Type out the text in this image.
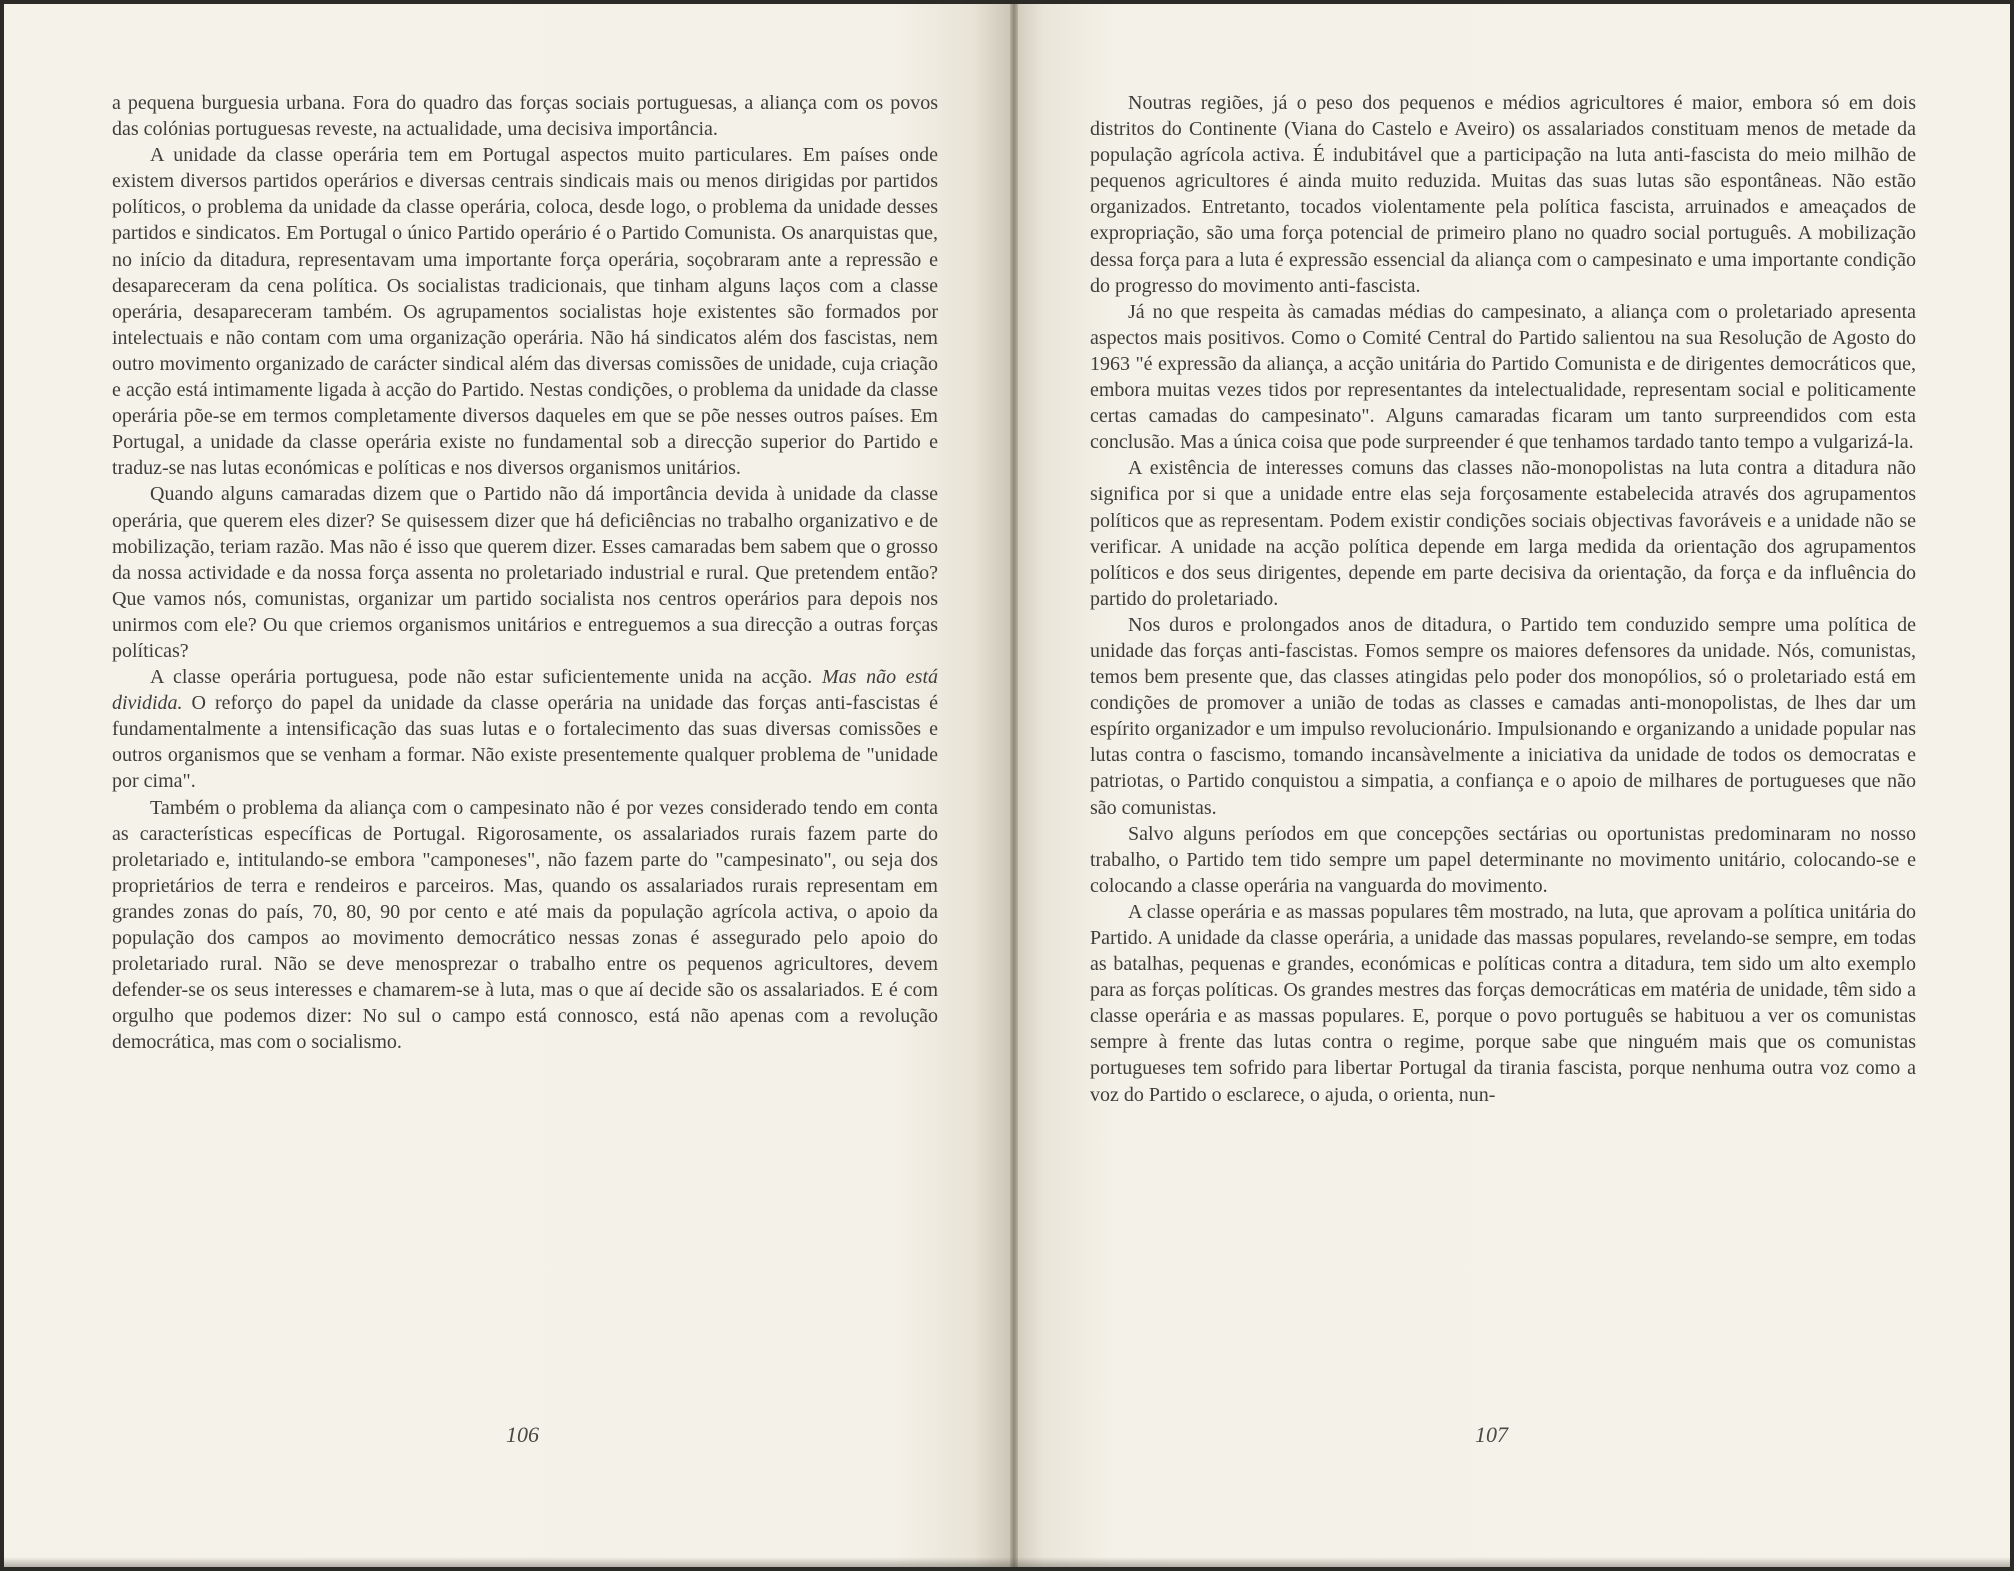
a pequena burguesia urbana. Fora do quadro das forças sociais portuguesas, a aliança com os povos das colónias portuguesas reveste, na actualidade, uma decisiva importância.

A unidade da classe operária tem em Portugal aspectos muito particulares. Em países onde existem diversos partidos operários e diversas centrais sindicais mais ou menos dirigidas por partidos políticos, o problema da unidade da classe operária, coloca, desde logo, o problema da unidade desses partidos e sindicatos. Em Portugal o único Partido operário é o Partido Comunista. Os anarquistas que, no início da ditadura, representavam uma importante força operária, soçobraram ante a repressão e desapareceram da cena política. Os socialistas tradicionais, que tinham alguns laços com a classe operária, desapareceram também. Os agrupamentos socialistas hoje existentes são formados por intelectuais e não contam com uma organização operária. Não há sindicatos além dos fascistas, nem outro movimento organizado de carácter sindical além das diversas comissões de unidade, cuja criação e acção está intimamente ligada à acção do Partido. Nestas condições, o problema da unidade da classe operária põe-se em termos completamente diversos daqueles em que se põe nesses outros países. Em Portugal, a unidade da classe operária existe no fundamental sob a direcção superior do Partido e traduz-se nas lutas económicas e políticas e nos diversos organismos unitários.

Quando alguns camaradas dizem que o Partido não dá importância devida à unidade da classe operária, que querem eles dizer? Se quisessem dizer que há deficiências no trabalho organizativo e de mobilização, teriam razão. Mas não é isso que querem dizer. Esses camaradas bem sabem que o grosso da nossa actividade e da nossa força assenta no proletariado industrial e rural. Que pretendem então? Que vamos nós, comunistas, organizar um partido socialista nos centros operários para depois nos unirmos com ele? Ou que criemos organismos unitários e entreguemos a sua direcção a outras forças políticas?

A classe operária portuguesa, pode não estar suficientemente unida na acção. Mas não está dividida. O reforço do papel da unidade da classe operária na unidade das forças anti-fascistas é fundamentalmente a intensificação das suas lutas e o fortalecimento das suas diversas comissões e outros organismos que se venham a formar. Não existe presentemente qualquer problema de "unidade por cima".

Também o problema da aliança com o campesinato não é por vezes considerado tendo em conta as características específicas de Portugal. Rigorosamente, os assalariados rurais fazem parte do proletariado e, intitulando-se embora "camponeses", não fazem parte do "campesinato", ou seja dos proprietários de terra e rendeiros e parceiros. Mas, quando os assalariados rurais representam em grandes zonas do país, 70, 80, 90 por cento e até mais da população agrícola activa, o apoio da população dos campos ao movimento democrático nessas zonas é assegurado pelo apoio do proletariado rural. Não se deve menosprezar o trabalho entre os pequenos agricultores, devem defender-se os seus interesses e chamarem-se à luta, mas o que aí decide são os assalariados. E é com orgulho que podemos dizer: No sul o campo está connosco, está não apenas com a revolução democrática, mas com o socialismo.

106

Noutras regiões, já o peso dos pequenos e médios agricultores é maior, embora só em dois distritos do Continente (Viana do Castelo e Aveiro) os assalariados constituam menos de metade da população agrícola activa. É indubitável que a participação na luta anti-fascista do meio milhão de pequenos agricultores é ainda muito reduzida. Muitas das suas lutas são espontâneas. Não estão organizados. Entretanto, tocados violentamente pela política fascista, arruinados e ameaçados de expropriação, são uma força potencial de primeiro plano no quadro social português. A mobilização dessa força para a luta é expressão essencial da aliança com o campesinato e uma importante condição do progresso do movimento anti-fascista.

Já no que respeita às camadas médias do campesinato, a aliança com o proletariado apresenta aspectos mais positivos. Como o Comité Central do Partido salientou na sua Resolução de Agosto do 1963 "é expressão da aliança, a acção unitária do Partido Comunista e de dirigentes democráticos que, embora muitas vezes tidos por representantes da intelectualidade, representam social e politicamente certas camadas do campesinato". Alguns camaradas ficaram um tanto surpreendidos com esta conclusão. Mas a única coisa que pode surpreender é que tenhamos tardado tanto tempo a vulgarizá-la.

A existência de interesses comuns das classes não-monopolistas na luta contra a ditadura não significa por si que a unidade entre elas seja forçosamente estabelecida através dos agrupamentos políticos que as representam. Podem existir condições sociais objectivas favoráveis e a unidade não se verificar. A unidade na acção política depende em larga medida da orientação dos agrupamentos políticos e dos seus dirigentes, depende em parte decisiva da orientação, da força e da influência do partido do proletariado.

Nos duros e prolongados anos de ditadura, o Partido tem conduzido sempre uma política de unidade das forças anti-fascistas. Fomos sempre os maiores defensores da unidade. Nós, comunistas, temos bem presente que, das classes atingidas pelo poder dos monopólios, só o proletariado está em condições de promover a união de todas as classes e camadas anti-monopolistas, de lhes dar um espírito organizador e um impulso revolucionário. Impulsionando e organizando a unidade popular nas lutas contra o fascismo, tomando incansàvelmente a iniciativa da unidade de todos os democratas e patriotas, o Partido conquistou a simpatia, a confiança e o apoio de milhares de portugueses que não são comunistas.

Salvo alguns períodos em que concepções sectárias ou oportunistas predominaram no nosso trabalho, o Partido tem tido sempre um papel determinante no movimento unitário, colocando-se e colocando a classe operária na vanguarda do movimento.

A classe operária e as massas populares têm mostrado, na luta, que aprovam a política unitária do Partido. A unidade da classe operária, a unidade das massas populares, revelando-se sempre, em todas as batalhas, pequenas e grandes, económicas e políticas contra a ditadura, tem sido um alto exemplo para as forças políticas. Os grandes mestres das forças democráticas em matéria de unidade, têm sido a classe operária e as massas populares. E, porque o povo português se habituou a ver os comunistas sempre à frente das lutas contra o regime, porque sabe que ninguém mais que os comunistas portugueses tem sofrido para libertar Portugal da tirania fascista, porque nenhuma outra voz como a voz do Partido o esclarece, o ajuda, o orienta, nun-

107
